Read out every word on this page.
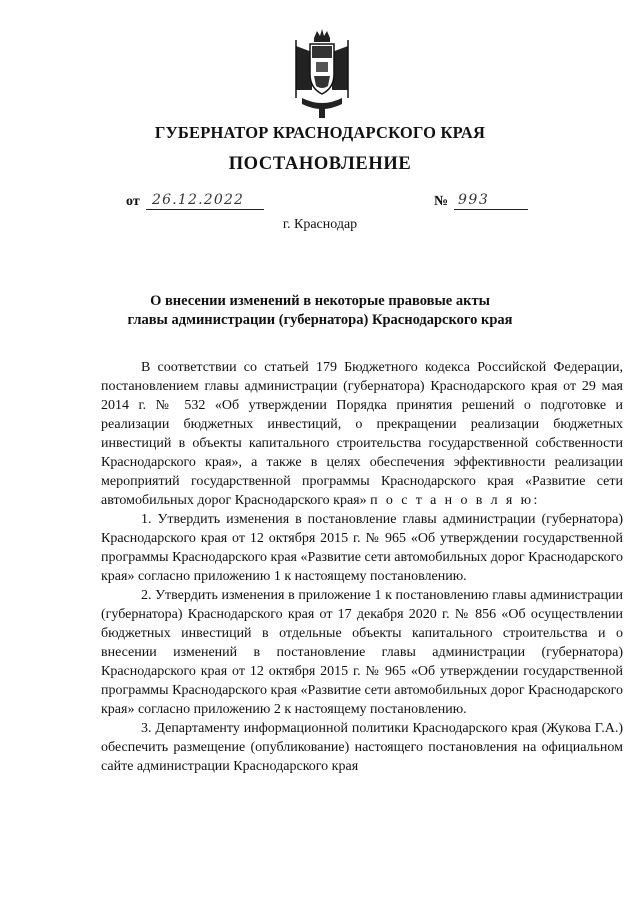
ГУБЕРНАТОР КРАСНОДАРСКОГО КРАЯ
ПОСТАНОВЛЕНИЕ
от 26.12.2022	№ 993
г. Краснодар
О внесении изменений в некоторые правовые акты
главы администрации (губернатора) Краснодарского края

В соответствии со статьей 179 Бюджетного кодекса Российской Федерации, постановлением главы администрации (губернатора) Краснодарского края от 29 мая 2014 г. № 532 «Об утверждении Порядка принятия решений о подготовке и реализации бюджетных инвестиций, о прекращении реализации бюджетных инвестиций в объекты капитального строительства государственной собственности Краснодарского края», а также в целях обеспечения эффективности реализации мероприятий государственной программы Краснодарского края «Развитие сети автомобильных дорог Краснодарского края» п о с т а н о в л я ю:

1. Утвердить изменения в постановление главы администрации (губернатора) Краснодарского края от 12 октября 2015 г. № 965 «Об утверждении государственной программы Краснодарского края «Развитие сети автомобильных дорог Краснодарского края» согласно приложению 1 к настоящему постановлению.

2. Утвердить изменения в приложение 1 к постановлению главы администрации (губернатора) Краснодарского края от 17 декабря 2020 г. № 856 «Об осуществлении бюджетных инвестиций в отдельные объекты капитального строительства и о внесении изменений в постановление главы администрации (губернатора) Краснодарского края от 12 октября 2015 г. № 965 «Об утверждении государственной программы Краснодарского края «Развитие сети автомобильных дорог Краснодарского края» согласно приложению 2 к настоящему постановлению.

3. Департаменту информационной политики Краснодарского края (Жукова Г.А.) обеспечить размещение (опубликование) настоящего постановления на официальном сайте администрации Краснодарского края
